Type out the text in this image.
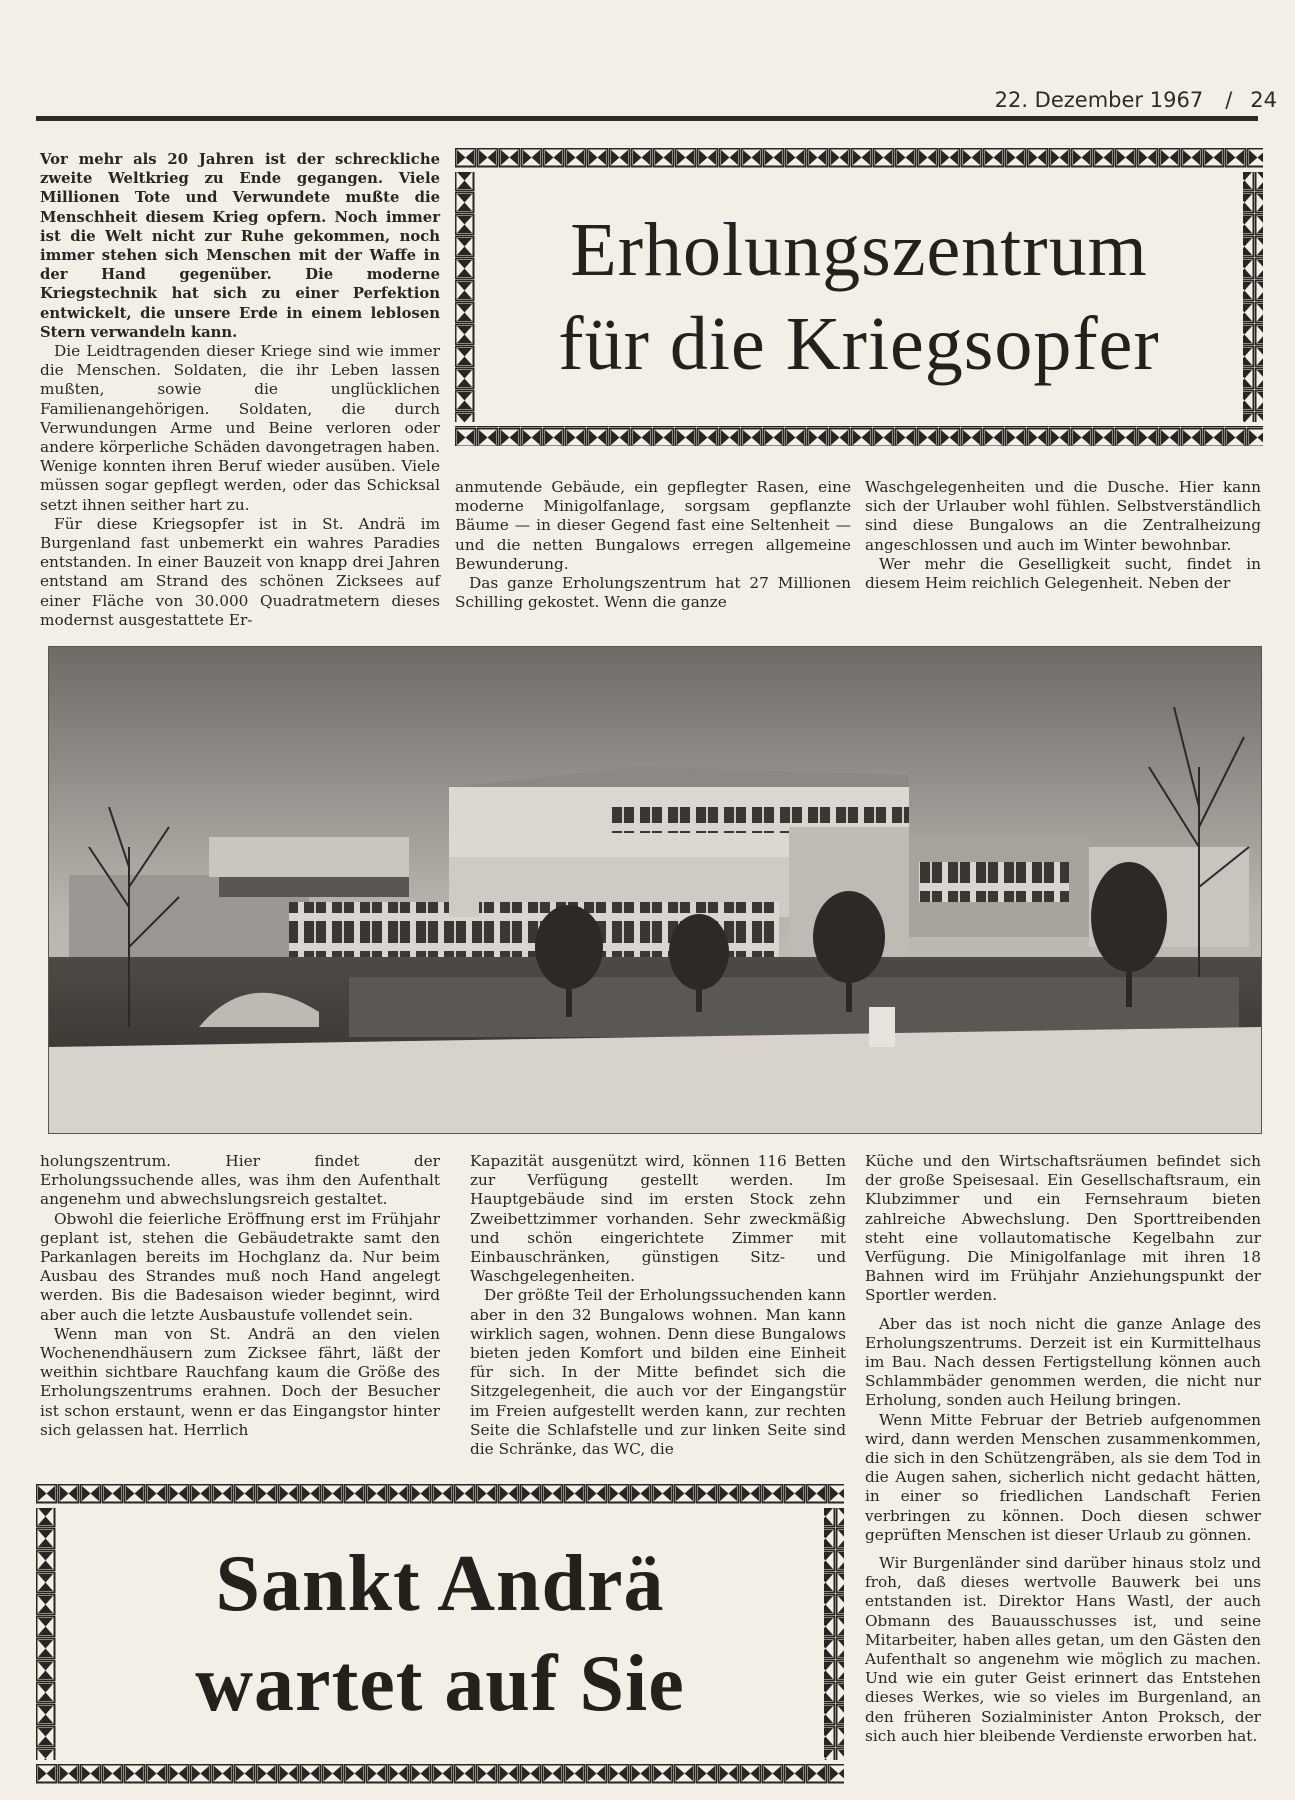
22. Dezember 1967 / 24

Vor mehr als 20 Jahren ist der schreckliche zweite Weltkrieg zu Ende gegangen. Viele Millionen Tote und Verwundete mußte die Menschheit diesem Krieg opfern. Noch immer ist die Welt nicht zur Ruhe gekommen, noch immer stehen sich Menschen mit der Waffe in der Hand gegenüber. Die moderne Kriegstechnik hat sich zu einer Perfektion entwickelt, die unsere Erde in einem leblosen Stern verwandeln kann.

Die Leidtragenden dieser Kriege sind wie immer die Menschen. Soldaten, die ihr Leben lassen mußten, sowie die unglücklichen Familienangehörigen. Soldaten, die durch Verwundungen Arme und Beine verloren oder andere körperliche Schäden davongetragen haben. Wenige konnten ihren Beruf wieder ausüben. Viele müssen sogar gepflegt werden, oder das Schicksal setzt ihnen seither hart zu.

Für diese Kriegsopfer ist in St. Andrä im Burgenland fast unbemerkt ein wahres Paradies entstanden. In einer Bauzeit von knapp drei Jahren entstand am Strand des schönen Zicksees auf einer Fläche von 30.000 Quadratmetern dieses modernst ausgestattete Er-

Erholungszentrum
für die Kriegsopfer

anmutende Gebäude, ein gepflegter Rasen, eine moderne Minigolfanlage, sorgsam gepflanzte Bäume — in dieser Gegend fast eine Seltenheit — und die netten Bungalows erregen allgemeine Bewunderung.

Das ganze Erholungszentrum hat 27 Millionen Schilling gekostet. Wenn die ganze

Waschgelegenheiten und die Dusche. Hier kann sich der Urlauber wohl fühlen. Selbstverständlich sind diese Bungalows an die Zentralheizung angeschlossen und auch im Winter bewohnbar.

Wer mehr die Geselligkeit sucht, findet in diesem Heim reichlich Gelegenheit. Neben der

holungszentrum. Hier findet der Erholungssuchende alles, was ihm den Aufenthalt angenehm und abwechslungsreich gestaltet.

Obwohl die feierliche Eröffnung erst im Frühjahr geplant ist, stehen die Gebäudetrakte samt den Parkanlagen bereits im Hochglanz da. Nur beim Ausbau des Strandes muß noch Hand angelegt werden. Bis die Badesaison wieder beginnt, wird aber auch die letzte Ausbaustufe vollendet sein.

Wenn man von St. Andrä an den vielen Wochenendhäusern zum Zicksee fährt, läßt der weithin sichtbare Rauchfang kaum die Größe des Erholungszentrums erahnen. Doch der Besucher ist schon erstaunt, wenn er das Eingangstor hinter sich gelassen hat. Herrlich

Kapazität ausgenützt wird, können 116 Betten zur Verfügung gestellt werden. Im Hauptgebäude sind im ersten Stock zehn Zweibettzimmer vorhanden. Sehr zweckmäßig und schön eingerichtete Zimmer mit Einbauschränken, günstigen Sitz- und Waschgelegenheiten.

Der größte Teil der Erholungssuchenden kann aber in den 32 Bungalows wohnen. Man kann wirklich sagen, wohnen. Denn diese Bungalows bieten jeden Komfort und bilden eine Einheit für sich. In der Mitte befindet sich die Sitzgelegenheit, die auch vor der Eingangstür im Freien aufgestellt werden kann, zur rechten Seite die Schlafstelle und zur linken Seite sind die Schränke, das WC, die

Küche und den Wirtschaftsräumen befindet sich der große Speisesaal. Ein Gesellschaftsraum, ein Klubzimmer und ein Fernsehraum bieten zahlreiche Abwechslung. Den Sporttreibenden steht eine vollautomatische Kegelbahn zur Verfügung. Die Minigolfanlage mit ihren 18 Bahnen wird im Frühjahr Anziehungspunkt der Sportler werden.

Aber das ist noch nicht die ganze Anlage des Erholungszentrums. Derzeit ist ein Kurmittelhaus im Bau. Nach dessen Fertigstellung können auch Schlammbäder genommen werden, die nicht nur Erholung, sonden auch Heilung bringen.

Wenn Mitte Februar der Betrieb aufgenommen wird, dann werden Menschen zusammenkommen, die sich in den Schützengräben, als sie dem Tod in die Augen sahen, sicherlich nicht gedacht hätten, in einer so friedlichen Landschaft Ferien verbringen zu können. Doch diesen schwer geprüften Menschen ist dieser Urlaub zu gönnen.

Wir Burgenländer sind darüber hinaus stolz und froh, daß dieses wertvolle Bauwerk bei uns entstanden ist. Direktor Hans Wastl, der auch Obmann des Bauausschusses ist, und seine Mitarbeiter, haben alles getan, um den Gästen den Aufenthalt so angenehm wie möglich zu machen. Und wie ein guter Geist erinnert das Entstehen dieses Werkes, wie so vieles im Burgenland, an den früheren Sozialminister Anton Proksch, der sich auch hier bleibende Verdienste erworben hat.

Sankt Andrä
wartet auf Sie
